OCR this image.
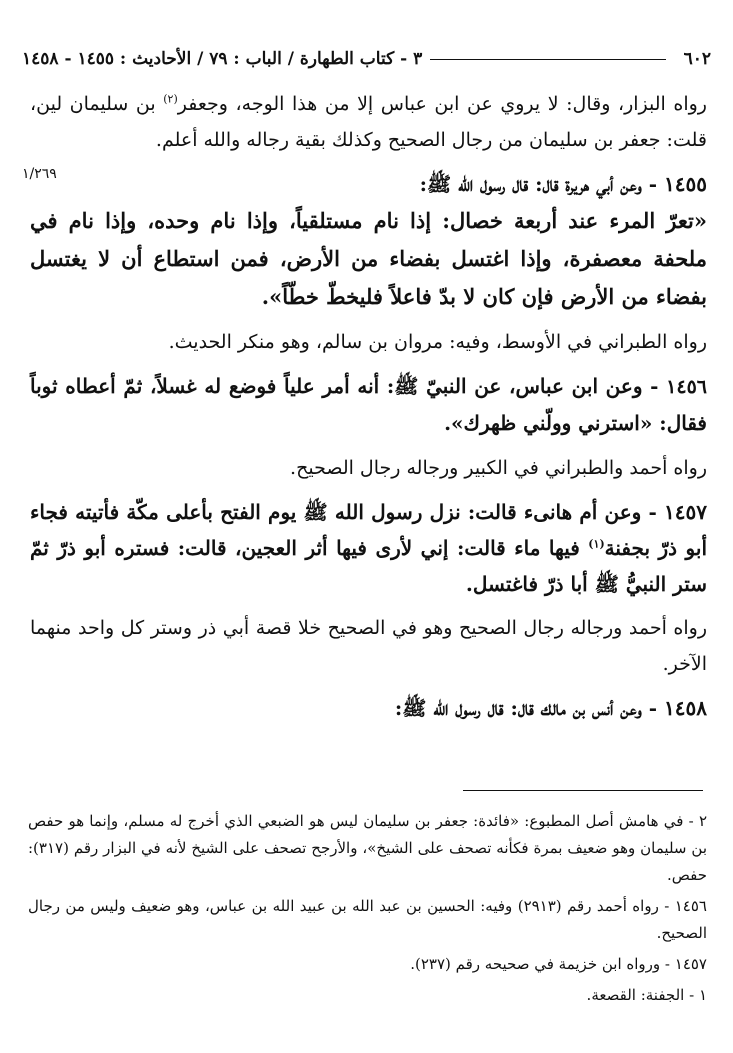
٦٠٢
٣ - كتاب الطهارة / الباب : ٧٩ / الأحاديث : ١٤٥٥ - ١٤٥٨
١/٢٦٩

رواه البزار، وقال: لا يروي عن ابن عباس إلا من هذا الوجه، وجعفر$^{(٢)}$ بن سليمان لين، قلت: جعفر بن سليمان من رجال الصحيح وكذلك بقية رجاله والله أعلم.

١٤٥٥ - وعن أبي هريرة قال: قال رسول الله ﷺ:

«تعرّ المرء عند أربعة خصال: إذا نام مستلقياً، وإذا نام وحده، وإذا نام في ملحفة معصفرة، وإذا اغتسل بفضاء من الأرض، فمن استطاع أن لا يغتسل بفضاء من الأرض فإن كان لا بدّ فاعلاً فليخطّ خطّاً».

رواه الطبراني في الأوسط، وفيه: مروان بن سالم، وهو منكر الحديث.

١٤٥٦ - وعن ابن عباس، عن النبيّ ﷺ: أنه أمر علياً فوضع له غسلاً، ثمّ أعطاه ثوباً فقال: «استرني وولّني ظهرك».

رواه أحمد والطبراني في الكبير ورجاله رجال الصحيح.

١٤٥٧ - وعن أم هانىء قالت: نزل رسول الله ﷺ يوم الفتح بأعلى مكّة فأتيته فجاء أبو ذرّ بجفنة$^{(١)}$ فيها ماء قالت: إني لأرى فيها أثر العجين، قالت: فستره أبو ذرّ ثمّ ستر النبيُّ ﷺ أبا ذرّ فاغتسل.

رواه أحمد ورجاله رجال الصحيح وهو في الصحيح خلا قصة أبي ذر وستر كل واحد منهما الآخر.

١٤٥٨ - وعن أنس بن مالك قال: قال رسول الله ﷺ:

٢ - في هامش أصل المطبوع: «فائدة: جعفر بن سليمان ليس هو الضبعي الذي أخرج له مسلم، وإنما هو حفص بن سليمان وهو ضعيف بمرة فكأنه تصحف على الشيخ»، والأرجح تصحف على الشيخ لأنه في البزار رقم (٣١٧): حفص.

١٤٥٦ - رواه أحمد رقم (٢٩١٣) وفيه: الحسين بن عبد الله بن عبيد الله بن عباس، وهو ضعيف وليس من رجال الصحيح.

١٤٥٧ - ورواه ابن خزيمة في صحيحه رقم (٢٣٧).

١ - الجفنة: القصعة.
